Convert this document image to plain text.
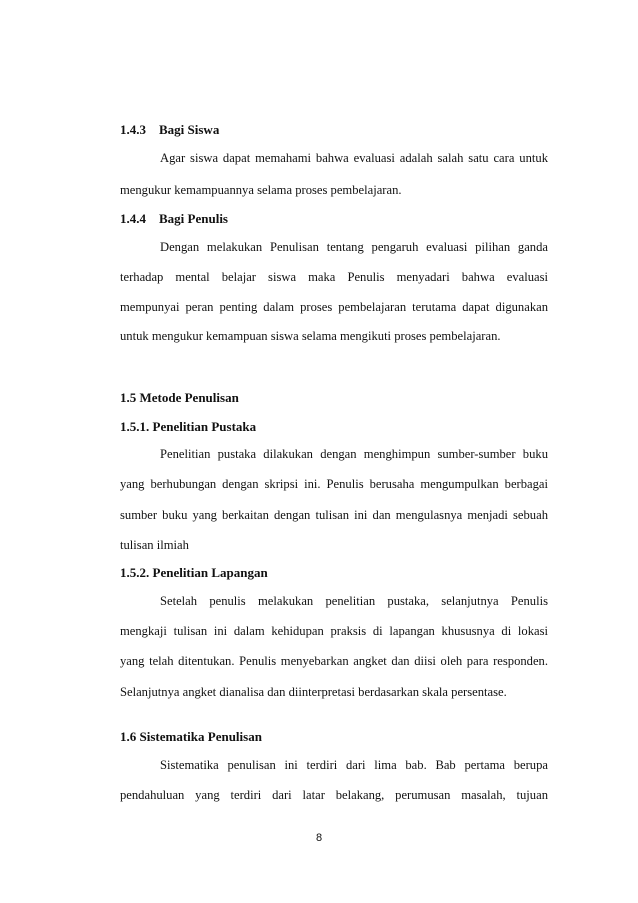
1.4.3 Bagi Siswa
Agar siswa dapat memahami bahwa evaluasi adalah salah satu cara untuk
mengukur kemampuannya selama proses pembelajaran.
1.4.4 Bagi Penulis
Dengan melakukan Penulisan tentang pengaruh evaluasi pilihan ganda
terhadap mental belajar siswa maka Penulis menyadari bahwa evaluasi
mempunyai peran penting dalam proses pembelajaran terutama dapat digunakan
untuk mengukur kemampuan siswa selama mengikuti proses pembelajaran.
1.5 Metode Penulisan
1.5.1. Penelitian Pustaka
Penelitian pustaka dilakukan dengan menghimpun sumber-sumber buku
yang berhubungan dengan skripsi ini. Penulis berusaha mengumpulkan berbagai
sumber buku yang berkaitan dengan tulisan ini dan mengulasnya menjadi sebuah
tulisan ilmiah
1.5.2. Penelitian Lapangan
Setelah penulis melakukan penelitian pustaka, selanjutnya Penulis
mengkaji tulisan ini dalam kehidupan praksis di lapangan khususnya di lokasi
yang telah ditentukan. Penulis menyebarkan angket dan diisi oleh para responden.
Selanjutnya angket dianalisa dan diinterpretasi berdasarkan skala persentase.
1.6 Sistematika Penulisan
Sistematika penulisan ini terdiri dari lima bab. Bab pertama berupa
pendahuluan yang terdiri dari latar belakang, perumusan masalah, tujuan
8
